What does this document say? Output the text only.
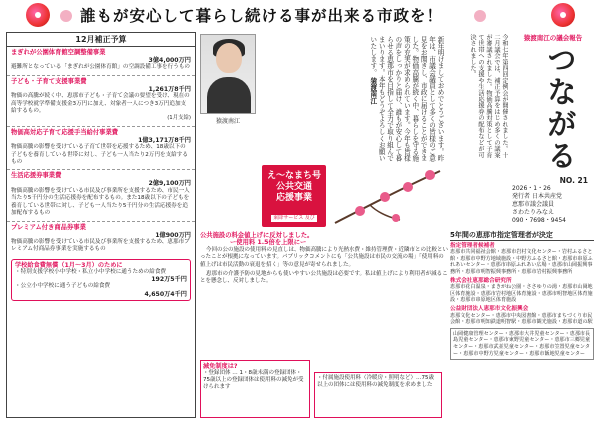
誰もが安心して暮らし続ける事が出来る市政を！
12月補正予算
まぎれが公園体育館空調整備事業
3億4,000万円
避難所となっている「まぎれが公園体育館」の空調設備工事を行うもの
子ども・子育て支援事業費
1,261万8千円
物価の高騰が続く中、恵那市子ども・子育て会議の要望を受け、現在の高等学校就学準備支援金3万円に加え、対象者一人につき3万円追加支給するもの。
(1月支給)
物価高対応子育て応援手当給付事業費
1億3,171万8千円
物価高騰の影響を受けている子育て世帯を応援するため、18歳以下の子どもを養育している世帯に対し、子ども一人当たり2万円を支給するもの
生活応援券事業費
2億9,100万円
物価高騰の影響を受けている市民及び事業所を支援するため、市民一人当たり5千円分の生活応援券を配布するもの。また18歳以下の子どもを養育している世帯に対し、子ども一人当たり5千円分の生活応援券を追加配布するもの
プレミアム付き商品券事業
1億900万円
物価高騰の影響を受けている市民及び事業所を支援するため、恵那市プレミアム付商品券事業を実施するもの
学校給食費無償（1月～3月）のために
・特別支援学校小中学校・私立小中学校に通うための給食費
192万5千円
・公立小中学校に通う子どもの給食費
4,650万4千円
猿渡南江	新年明けましておめでとうございます。昨年は、市議会議員として多くの皆様のご意見をお聞きし、市政に届けることができました。物価高騰が続く中、暮らしを守る施策の充実が求められています。今年も皆様の声をしっかりと届け、誰もが安心して暮らせる恵那市を目指して全力で取り組んでまいります。本年もどうぞよろしくお願いいたします。 猿渡南江	令和七年第四回定例会が開催されました。十二月議会では、補正予算をはじめ多くの議案が審議されました。物価高騰対策として子育て世帯への支援や生活応援券の配布などが可決されました。	猿渡南江の議会報告
つながる
NO. 21
2026・1・26
発行者 日本共産党
恵那市議会議員
さわたりみなえ
090・7698・9454
え〜なまち号
公共交通
応援事業
乗降サービス 及び
公共施設の料金値上げに反対しました。
ー使用料 1.5倍を上限にー

今回の公の施設の使用料の見直しは、物価高騰により光熱水費・維持管理費・近隣市との比較といったことが根拠になっています。パブリックコメントにも「公共施設は市民の交流の場」「使用料の値上げは市民活動の衰退を招く」等の意見が寄せられました。

恵那市の介護予防の見地からも使いやすい公共施設は必要です。私は値上げにより利用者が減ることを懸念し、反対しました。

減免制度は?
・登録団体 … 1・8歳未満の登録団体・75歳以上の登録団体は使用料の減免が受けられます
・付属施設使用料（冷暖房・照明など）…75歳以上の団体には使用料の減免制度を求めました
5年間の恵那市指定管理者が決定
指定管理者候補者
恵那市共同福祉会館・恵那市岩村文化センター・岩村ふるさと館・恵那市中野方地域施設・中野方ふるさと館・恵那市串原ふれあいセンター・恵那市串原ふれあい広場・恵那市山岡振興事務所・恵那市明智振興事務所・恵那市岩村振興事務所
株式会社恵那総合研究所
恵那市花白温泉・まきがね公園・ささゆりの湯・恵那市山岡地区体育施設・恵那市岩村地区体育施設・恵那市明智地区体育施設・恵那市串原地区体育施設
公益財団法人恵那市文化振興会
恵那文化センター・恵那市中央図書館・恵那市まちづくり市民会館・恵那市明知鉄道明智駅・恵那市観光施設・恵那市道の駅
山岡健康管理センター・恵那市大井児童センター・恵那市長島児童センター・恵那市東野児童センター・恵那市三郷児童センター・恵那市武並児童センター・恵那市笠置児童センター・恵那市中野方児童センター・恵那市飯地児童センター
